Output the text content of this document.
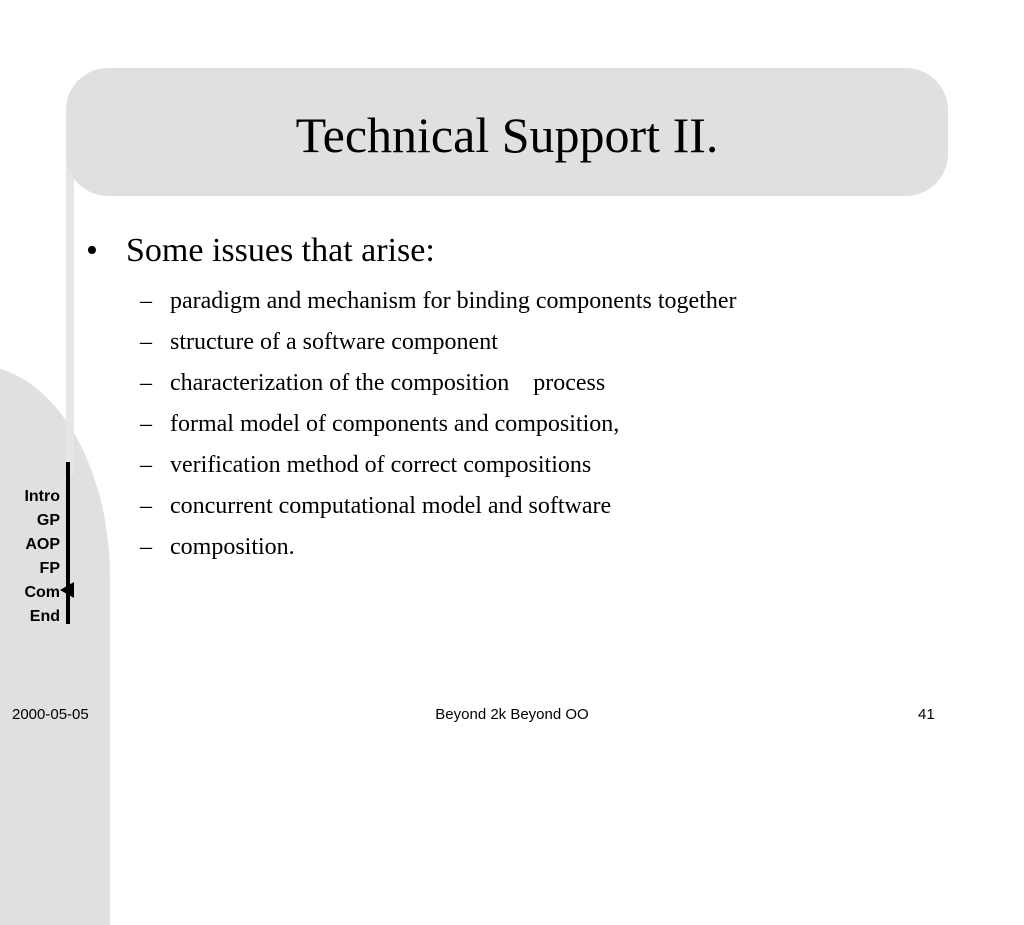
Technical Support II.
• Some issues that arise:
– paradigm and mechanism for binding components together
– structure of a software component
– characterization of the composition    process
– formal model of components and composition,
– verification method of correct compositions
– concurrent computational model and software
– composition.
Intro
GP
AOP
FP
Com
End
2000-05-05	Beyond 2k Beyond OO	41
